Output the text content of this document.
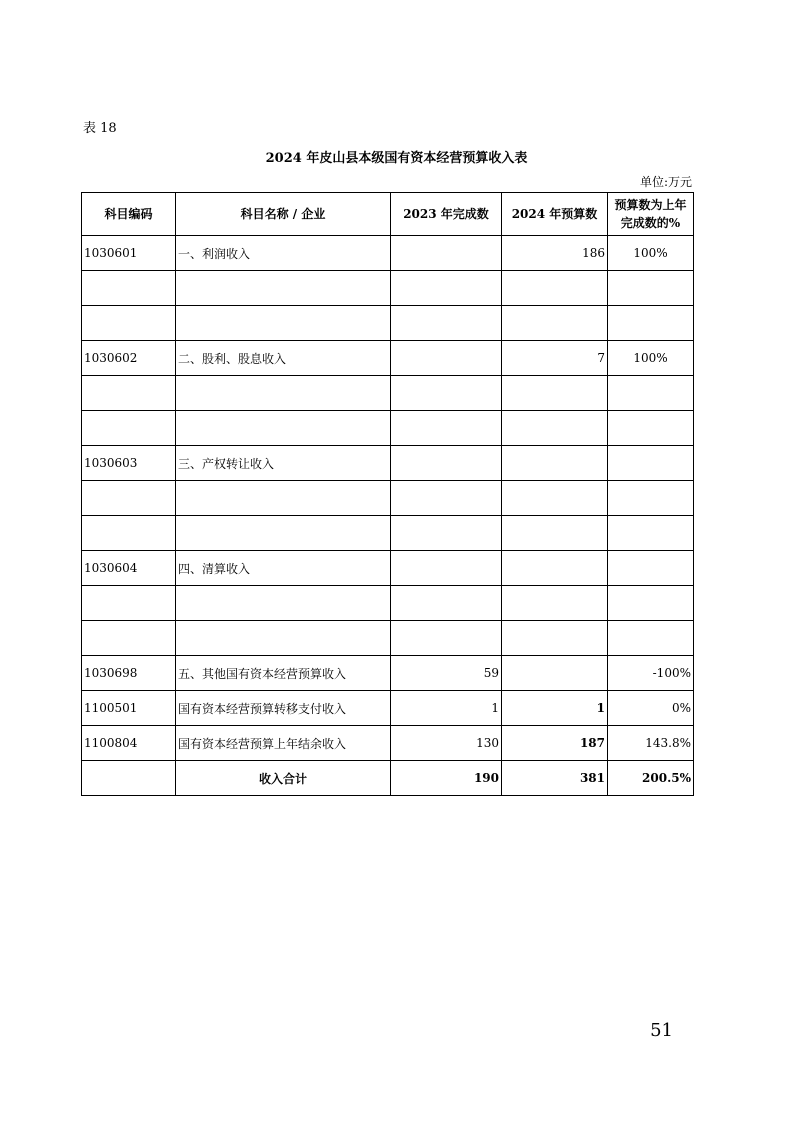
表 18
2024 年皮山县本级国有资本经营预算收入表
单位:万元
科目编码	科目名称 / 企业	2023 年完成数	2024 年预算数	预算数为上年完成数的%
1030601	一、利润收入		186	100%

1030602	二、股利、股息收入		7	100%

1030603	三、产权转让收入			

1030604	四、清算收入			

1030698	五、其他国有资本经营预算收入	59		-100%
1100501	国有资本经营预算转移支付收入	1	1	0%
1100804	国有资本经营预算上年结余收入	130	187	143.8%
	收入合计	190	381	200.5%
51
